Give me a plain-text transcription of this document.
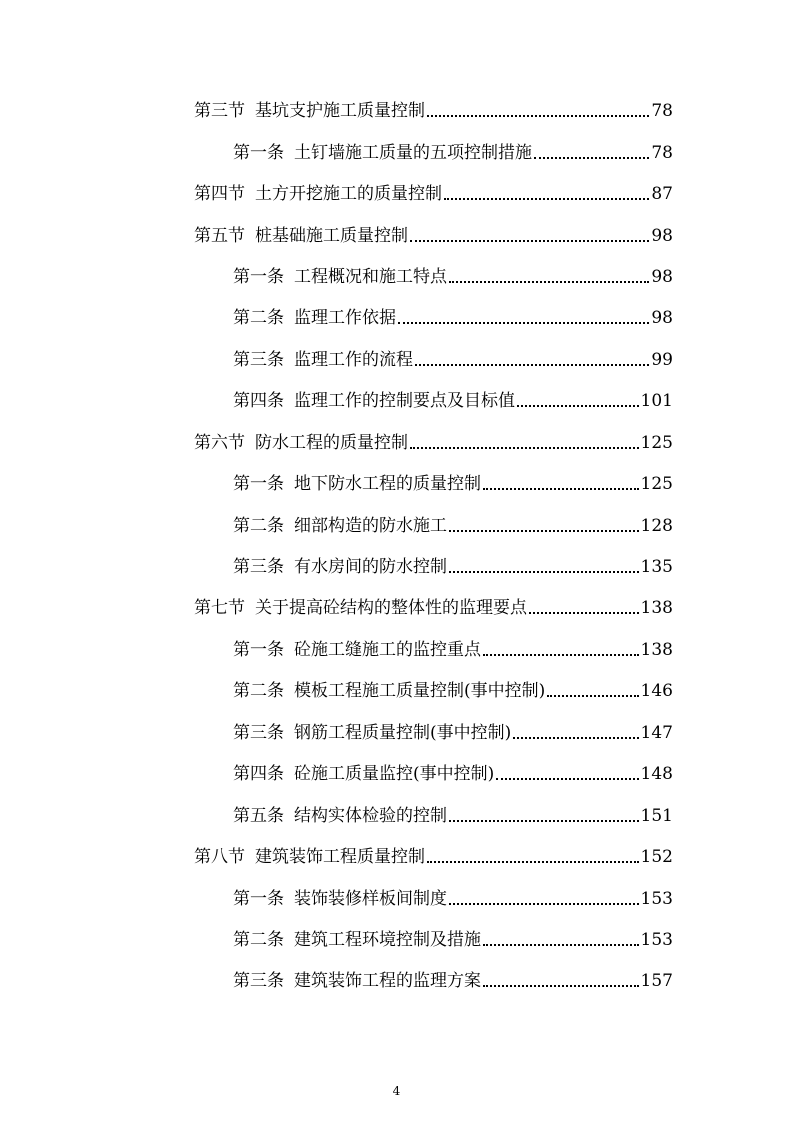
第三节 基坑支护施工质量控制	78
第一条 土钉墙施工质量的五项控制措施	78
第四节 土方开挖施工的质量控制	87
第五节 桩基础施工质量控制	98
第一条 工程概况和施工特点	98
第二条 监理工作依据	98
第三条 监理工作的流程	99
第四条 监理工作的控制要点及目标值	101
第六节 防水工程的质量控制	125
第一条 地下防水工程的质量控制	125
第二条 细部构造的防水施工	128
第三条 有水房间的防水控制	135
第七节 关于提高砼结构的整体性的监理要点	138
第一条 砼施工缝施工的监控重点	138
第二条 模板工程施工质量控制(事中控制)	146
第三条 钢筋工程质量控制(事中控制)	147
第四条 砼施工质量监控(事中控制)	148
第五条 结构实体检验的控制	151
第八节 建筑装饰工程质量控制	152
第一条 装饰装修样板间制度	153
第二条 建筑工程环境控制及措施	153
第三条 建筑装饰工程的监理方案	157
4
